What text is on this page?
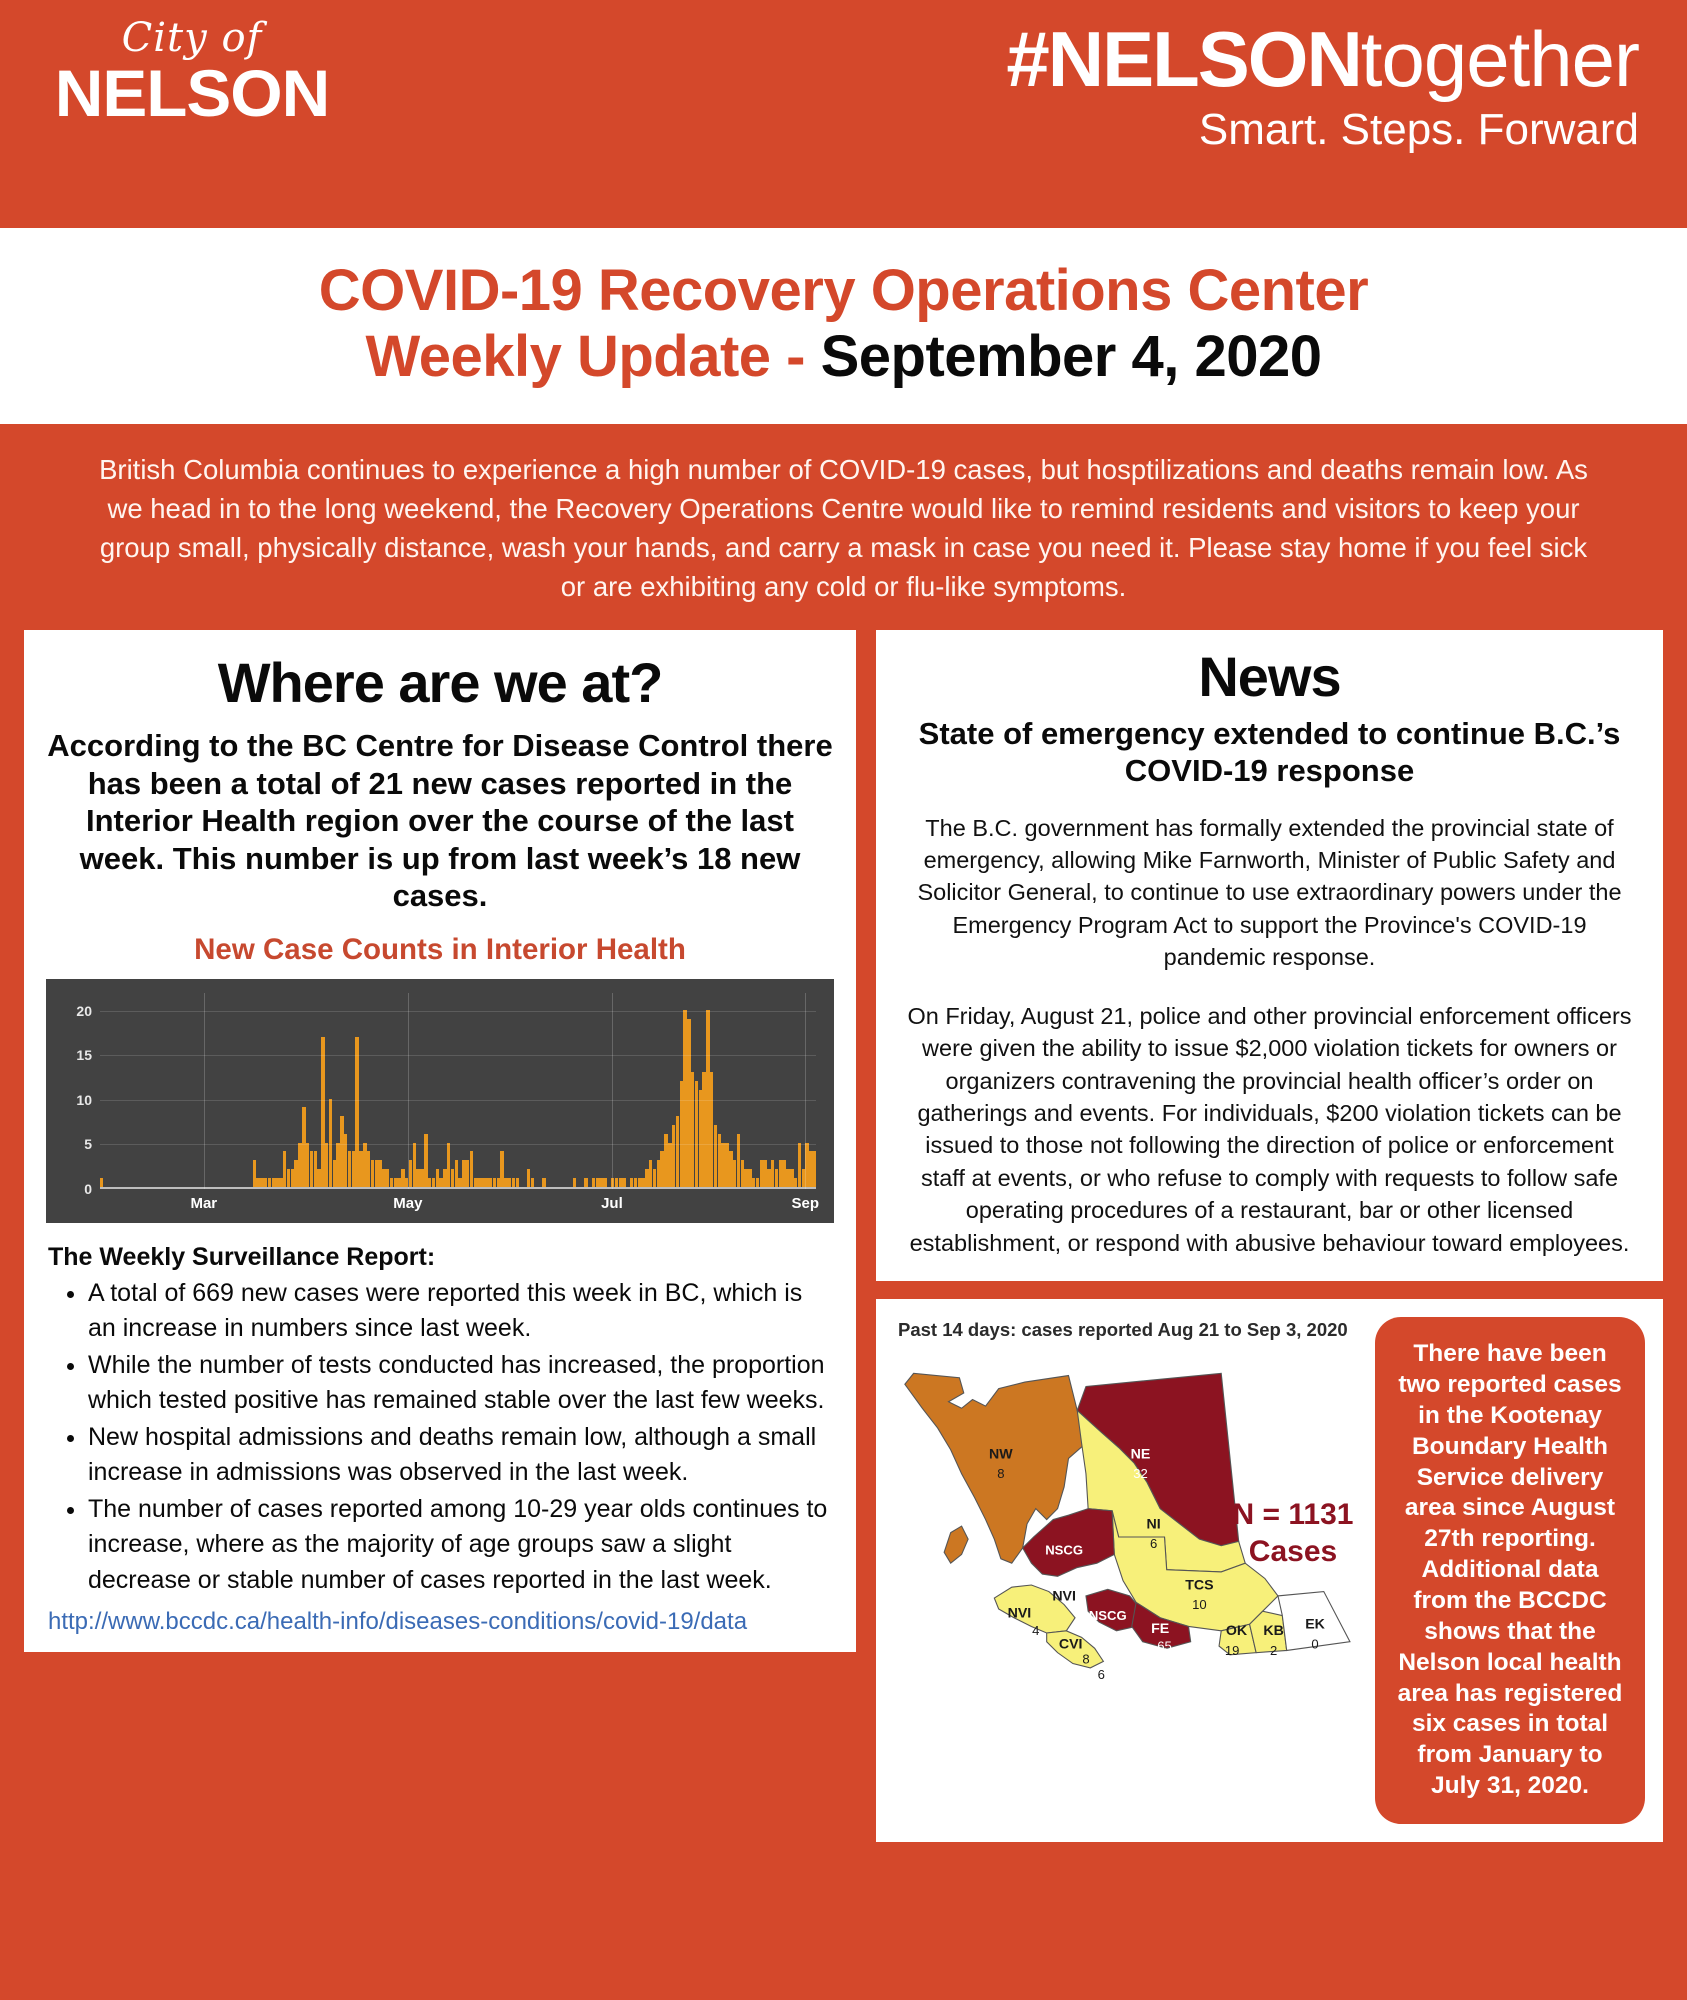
City of
NELSON	#NELSONtogether
Smart. Steps. Forward
COVID-19 Recovery Operations Center
Weekly Update - September 4, 2020
British Columbia continues to experience a high number of COVID-19 cases, but hosptilizations and deaths remain low. As we head in to the long weekend, the Recovery Operations Centre would like to remind residents and visitors to keep your group small, physically distance, wash your hands, and carry a mask in case you need it. Please stay home if you feel sick or are exhibiting any cold or flu-like symptoms.
Where are we at?
According to the BC Centre for Disease Control there has been a total of 21 new cases reported in the Interior Health region over the course of the last week. This number is up from last week’s 18 new cases.
New Case Counts in Interior Health
0
5
10
15
20
Mar	May	Jul	Sep
The Weekly Surveillance Report:
• A total of 669 new cases were reported this week in BC, which is an increase in numbers since last week.
• While the number of tests conducted has increased, the proportion which tested positive has remained stable over the last few weeks.
• New hospital admissions and deaths remain low, although a small increase in admissions was observed in the last week.
• The number of cases reported among 10-29 year olds continues to increase, where as the majority of age groups saw a slight decrease or stable number of cases reported in the last week.
http://www.bccdc.ca/health-info/diseases-conditions/covid-19/data
News
State of emergency extended to continue B.C.’s COVID-19 response
The B.C. government has formally extended the provincial state of emergency, allowing Mike Farnworth, Minister of Public Safety and Solicitor General, to continue to use extraordinary powers under the Emergency Program Act to support the Province's COVID-19 pandemic response.
On Friday, August 21, police and other provincial enforcement officers were given the ability to issue $2,000 violation tickets for owners or organizers contravening the provincial health officer’s order on gatherings and events. For individuals, $200 violation tickets can be issued to those not following the direction of police or enforcement staff at events, or who refuse to comply with requests to follow safe operating procedures of a restaurant, bar or other licensed establishment, or respond with abusive behaviour toward employees.
Past 14 days: cases reported Aug 21 to Sep 3, 2020
NW
8
NE
32
NI
6
NSCG
TCS
10
NVI
NVI
4
NSCG
FE
65
OK
19
KB
2
EK
0
CVI
8
6
N = 1131
Cases
There have been two reported cases in the Kootenay Boundary Health Service delivery area since August 27th reporting. Additional data from the BCCDC shows that the Nelson local health area has registered six cases in total from January to July 31, 2020.
